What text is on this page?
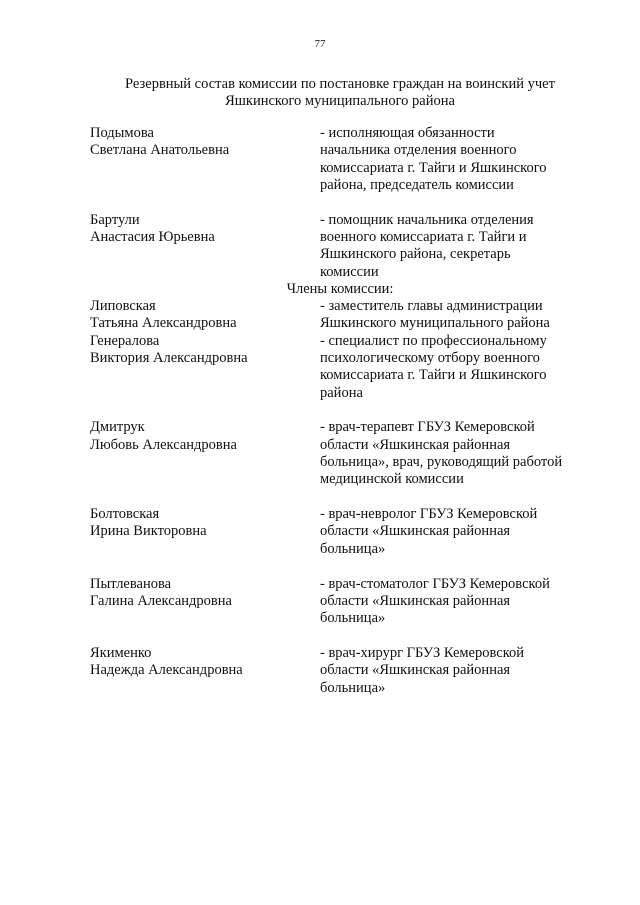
77
Резервный состав комиссии по постановке граждан на воинский учет
Яшкинского муниципального района
Подымова
Светлана Анатольевна
- исполняющая обязанности
начальника отделения военного
комиссариата г. Тайги и Яшкинского
района, председатель комиссии
Бартули
Анастасия Юрьевна
- помощник начальника отделения
военного комиссариата г. Тайги и
Яшкинского района, секретарь
комиссии
Члены комиссии:
Липовская
Татьяна Александровна
- заместитель главы администрации
Яшкинского муниципального района
Генералова
Виктория Александровна
- специалист по профессиональному
психологическому отбору военного
комиссариата г. Тайги и Яшкинского
района
Дмитрук
Любовь Александровна
- врач-терапевт ГБУЗ Кемеровской
области «Яшкинская районная
больница», врач, руководящий работой
медицинской комиссии
Болтовская
Ирина Викторовна
- врач-невролог ГБУЗ Кемеровской
области «Яшкинская районная
больница»
Пытлеванова
Галина Александровна
- врач-стоматолог ГБУЗ Кемеровской
области «Яшкинская районная
больница»
Якименко
Надежда Александровна
- врач-хирург ГБУЗ Кемеровской
области «Яшкинская районная
больница»
